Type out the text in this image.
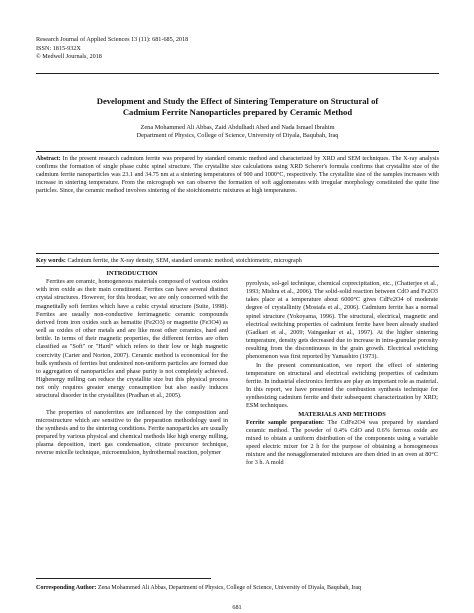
Research Journal of Applied Sciences 13 (11): 681-685, 2018
ISSN: 1815-932X
© Medwell Journals, 2018
Development and Study the Effect of Sintering Temperature on Structural of
Cadmium Ferrite Nanoparticles prepared by Ceramic Method
Zena Mohammed Ali Abbas, Zaid Abdulhadi Abed and Nada Ismael Ibrahim
Department of Physics, College of Science, University of Diyala, Baqubah, Iraq
Abstract: In the present research cadmium ferrite was prepared by standard ceramic method and characterized by XRD and SEM techniques. The X-ray analysis confirms the formation of single phase cubic spinel structure. The crystallite size calculations using XRD Scherer's formula confirms that crystallite size of the cadmium ferrite nanoparticles was 23.1 and 34.75 nm at a sintering temperatures of 900 and 1000°C, respectively. The crystallite size of the samples increases with increase in sintering temperature. From the micrograph we can observe the formation of soft agglomerates with irregular morphology constituted the quite fine particles. Since, the ceramic method involves sintering of the stoichiometric mixtures at high temperatures.
Key words: Cadmium ferrite, the X-ray density, SEM, standard ceramic method, stoichiometric, micrograph

INTRODUCTION

Ferrites are ceramic, homogeneous materials composed of various oxides with iron oxide as their main constituent. Ferrites can have several distinct crystal structures. However, for this broduar, we are only concerned with the magnetitally soft ferrites which have a cubic crystal structure (Suite, 1998). Ferrites are usually non-conductive ferrimagnetic ceramic compounds derived from iron oxides such as hematite (Fe2O3) or magnetite (Fe3O4) as well as oxides of other metals and are like most other ceramics, hard and brittle. In terms of their magnetic properties, the different ferrites are often classified as "Soft" or "Hard" which refers to their low or high magnetic coercivity (Carter and Norton, 2007). Ceramic method is economical for the bulk synthesis of ferrites but undesired non-uniform particles are formed due to aggregation of nanoparticles and phase purity is not completely achieved. Highenergy milling can reduce the crystallite size but this physical process not only requires greater energy consumption but also easily induces structural disorder in the crystallites (Pradhan et al., 2005).

The properties of nanoferrites are influenced by the composition and microstructure which are sensitive to the preparation methodology used in the synthesis and to the sintering conditions. Ferrite nanoparticles are usually prepared by various physical and chemical methods like high energy milling, plasma deposition, inert gas condensation, citrate precursor technique, reverse micelle technique, microemulsion, hydrothermal reaction, polymer

pyrolysis, sol-gel technique, chemical coprecipitation, etc., (Chatterjee et al., 1993; Mishra et al., 2006). The solid-solid reaction between CdO and Fe2O3 takes place at a temperature about 6000°C gives CdFe2O4 of moderate degree of crystallinity (Mostafa et al., 2006). Cadmium ferrite has a normal spinel structure (Yokoyama, 1996). The structural, electrical, magnetic and electrical switching properties of cadmium ferrite have been already studied (Gadkari et al., 2009; Vaingankar et al., 1997). At the higher sintering temperature, density gets decreased due to increase in intra-granular porosity resulting from the discontinuous in the grain growth. Electrical switching phenomenon was first reported by Yamashiro (1973).

In the present communication, we report the effect of sintering temperature on structural and electrical switching properties of cadmium ferrite. In industrial electronics ferrites are play an important role as material. In this report, we have presented the combustion synthesis technique for synthesizing cadmium ferrite and their subsequent characterization by XRD; ESM techniques.

MATERIALS AND METHODS

Ferrite sample preparation: The CdFe2O4 was prepared by standard ceramic method. The powder of 0.4% CdO and 0.6% ferrous oxide are mixed to obtain a uniform distribution of the components using a variable speed electric mixer for 2 h for the purpose of obtaining a homogeneous mixture and the nonagglomerated mixtures are then dried in an oven at 80°C for 3 h. A mold

Corresponding Author: Zena Mohammed Ali Abbas, Department of Physics, College of Science, University of Diyala, Baqubah, Iraq
681
